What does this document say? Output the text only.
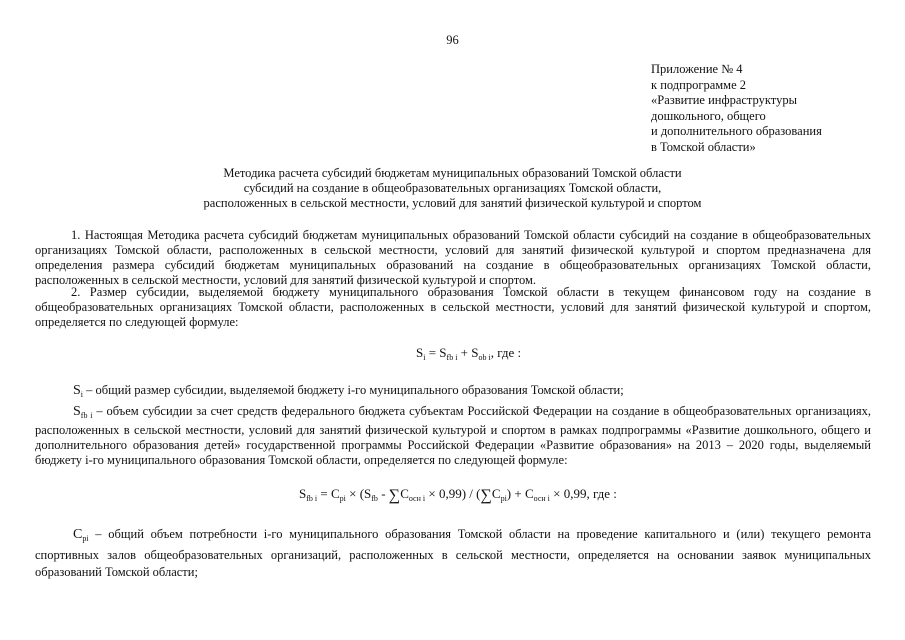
96
Приложение № 4
к подпрограмме 2
«Развитие инфраструктуры
дошкольного, общего
и дополнительного образования
в Томской области»
Методика расчета субсидий бюджетам муниципальных образований Томской области
субсидий на создание в общеобразовательных организациях Томской области,
расположенных в сельской местности, условий для занятий физической культурой и спортом
1. Настоящая Методика расчета субсидий бюджетам муниципальных образований Томской области субсидий на создание в общеобразовательных организациях Томской области, расположенных в сельской местности, условий для занятий физической культурой и спортом предназначена для определения размера субсидий бюджетам муниципальных образований на создание в общеобразовательных организациях Томской области, расположенных в сельской местности, условий для занятий физической культурой и спортом.
2. Размер субсидии, выделяемой бюджету муниципального образования Томской области в текущем финансовом году на создание в общеобразовательных организациях Томской области, расположенных в сельской местности, условий для занятий физической культурой и спортом, определяется по следующей формуле:
$S_i = S_{fb i} + S_{ob i}$, где :
$S_i$ – общий размер субсидии, выделяемой бюджету i-го муниципального образования Томской области;
$S_{fb i}$ – объем субсидии за счет средств федерального бюджета субъектам Российской Федерации на создание в общеобразовательных организациях, расположенных в сельской местности, условий для занятий физической культурой и спортом в рамках подпрограммы «Развитие дошкольного, общего и дополнительного образования детей» государственной программы Российской Федерации «Развитие образования» на 2013 – 2020 годы, выделяемый бюджету i-го муниципального образования Томской области, определяется по следующей формуле:
$S_{fb i} = C_{pi} \times (S_{fb} - \sum C_{осн i} \times 0,99) / (\sum C_{pi}) + C_{осн i} \times 0,99$, где :
$C_{pi}$ – общий объем потребности i-го муниципального образования Томской области на проведение капитального и (или) текущего ремонта спортивных залов общеобразовательных организаций, расположенных в сельской местности, определяется на основании заявок муниципальных образований Томской области;
